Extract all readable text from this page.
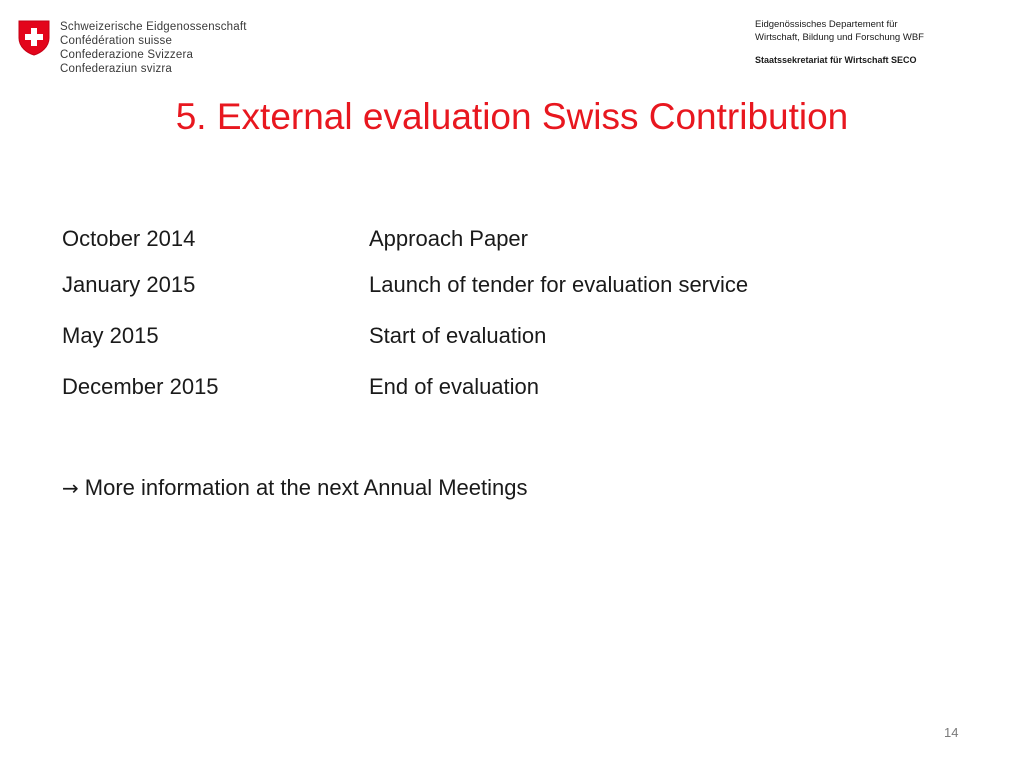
Schweizerische Eidgenossenschaft
Confédération suisse
Confederazione Svizzera
Confederaziun svizra
Eidgenössisches Departement für
Wirtschaft, Bildung und Forschung WBF
Staatssekretariat für Wirtschaft SECO
5. External evaluation Swiss Contribution
October 2014	Approach Paper
January 2015	Launch of tender for evaluation service
May 2015	Start of evaluation
December 2015	End of evaluation
→ More information at the next Annual Meetings
14
